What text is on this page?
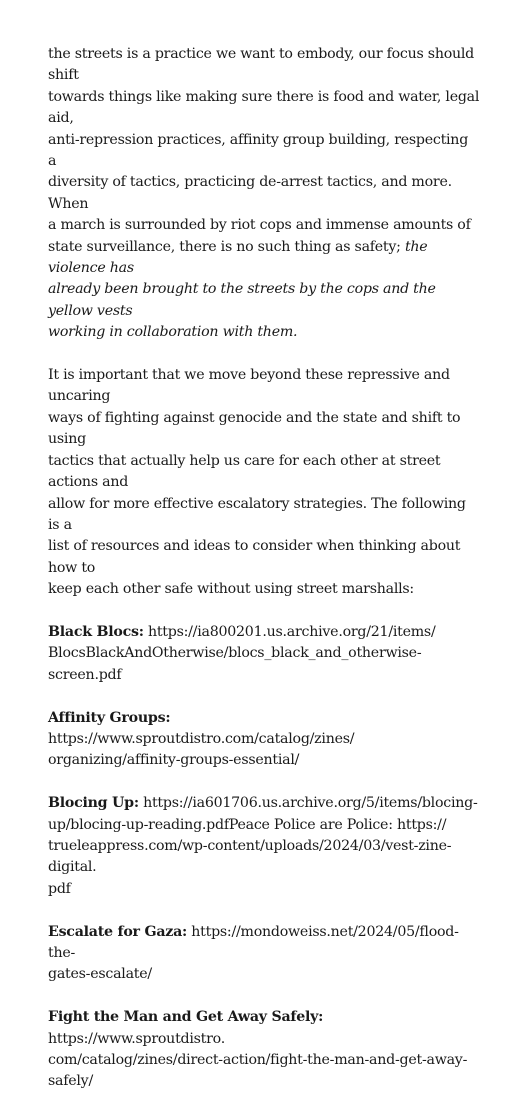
the streets is a practice we want to embody, our focus should shift
towards things like making sure there is food and water, legal aid,
anti-repression practices, affinity group building, respecting a
diversity of tactics, practicing de-arrest tactics, and more. When
a march is surrounded by riot cops and immense amounts of
state surveillance, there is no such thing as safety; the violence has
already been brought to the streets by the cops and the yellow vests
working in collaboration with them.

It is important that we move beyond these repressive and uncaring
ways of fighting against genocide and the state and shift to using
tactics that actually help us care for each other at street actions and
allow for more effective escalatory strategies. The following is a
list of resources and ideas to consider when thinking about how to
keep each other safe without using street marshalls:

Black Blocs: https://ia800201.us.archive.org/21/items/
BlocsBlackAndOtherwise/blocs_black_and_otherwise-screen.pdf

Affinity Groups: https://www.sproutdistro.com/catalog/zines/
organizing/affinity-groups-essential/

Blocing Up: https://ia601706.us.archive.org/5/items/blocing-
up/blocing-up-reading.pdfPeace Police are Police: https://
trueleappress.com/wp-content/uploads/2024/03/vest-zine-digital.
pdf

Escalate for Gaza: https://mondoweiss.net/2024/05/flood-the-
gates-escalate/

Fight the Man and Get Away Safely: https://www.sproutdistro.
com/catalog/zines/direct-action/fight-the-man-and-get-away-
safely/
